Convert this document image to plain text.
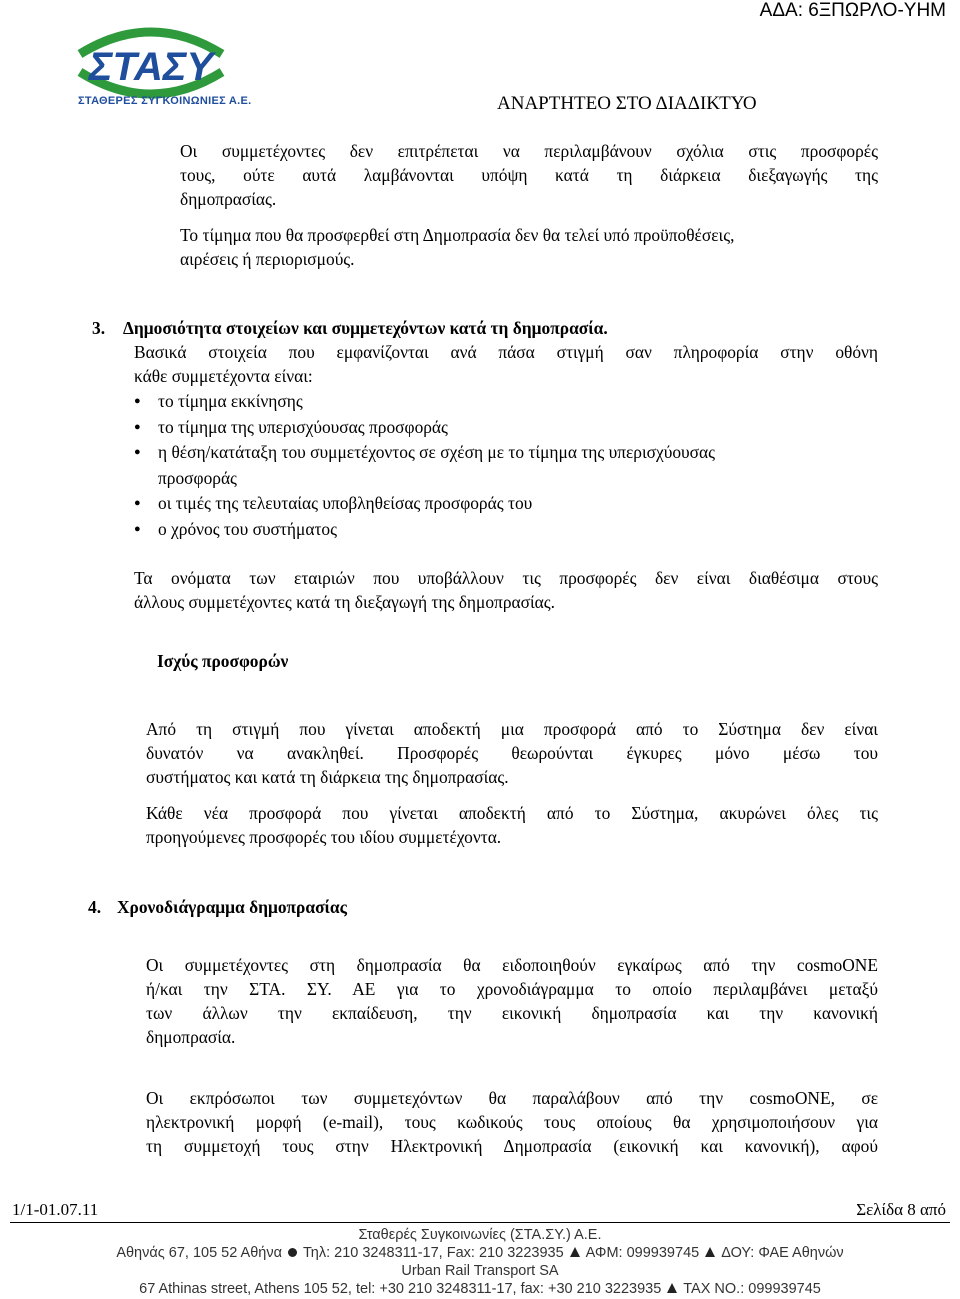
ΑΔΑ: 6ΞΠΩΡΛΟ-ΥΗΜ
ΣΤΑΣΥ
ΣΤΑΘΕΡΕΣ ΣΥΓΚΟΙΝΩΝΙΕΣ Α.Ε.	ΑΝΑΡΤΗΤΕΟ ΣΤΟ ΔΙΑΔΙΚΤΥΟ
Οι συμμετέχοντες δεν επιτρέπεται να περιλαμβάνουν σχόλια στις προσφορές
τους, ούτε αυτά λαμβάνονται υπόψη κατά τη διάρκεια διεξαγωγής της
δημοπρασίας.
Το τίμημα που θα προσφερθεί στη Δημοπρασία δεν θα τελεί υπό προϋποθέσεις,
αιρέσεις ή περιορισμούς.
3. Δημοσιότητα στοιχείων και συμμετεχόντων κατά τη δημοπρασία.
Βασικά στοιχεία που εμφανίζονται ανά πάσα στιγμή σαν πληροφορία στην οθόνη
κάθε συμμετέχοντα είναι:
● το τίμημα εκκίνησης
● το τίμημα της υπερισχύουσας προσφοράς
● η θέση/κατάταξη του συμμετέχοντος σε σχέση με το τίμημα της υπερισχύουσας
προσφοράς
● οι τιμές της τελευταίας υποβληθείσας προσφοράς του
● ο χρόνος του συστήματος
Τα ονόματα των εταιριών που υποβάλλουν τις προσφορές δεν είναι διαθέσιμα στους
άλλους συμμετέχοντες κατά τη διεξαγωγή της δημοπρασίας.
Ισχύς προσφορών
Από τη στιγμή που γίνεται αποδεκτή μια προσφορά από το Σύστημα δεν είναι
δυνατόν να ανακληθεί. Προσφορές θεωρούνται έγκυρες μόνο μέσω του
συστήματος και κατά τη διάρκεια της δημοπρασίας.
Κάθε νέα προσφορά που γίνεται αποδεκτή από το Σύστημα, ακυρώνει όλες τις
προηγούμενες προσφορές του ιδίου συμμετέχοντα.
4. Χρονοδιάγραμμα δημοπρασίας
Οι συμμετέχοντες στη δημοπρασία θα ειδοποιηθούν εγκαίρως από την cosmoONE
ή/και την ΣΤΑ. ΣΥ. ΑΕ για το χρονοδιάγραμμα το οποίο περιλαμβάνει μεταξύ
των άλλων την εκπαίδευση, την εικονική δημοπρασία και την κανονική
δημοπρασία.
Οι εκπρόσωποι των συμμετεχόντων θα παραλάβουν από την cosmoONE, σε
ηλεκτρονική μορφή (e-mail), τους κωδικούς τους οποίους θα χρησιμοποιήσουν για
τη συμμετοχή τους στην Ηλεκτρονική Δημοπρασία (εικονική και κανονική), αφού
1/1-01.07.11	Σελίδα 8 από
Σταθερές Συγκοινωνίες (ΣΤΑ.ΣΥ.) Α.Ε.
Αθηνάς 67, 105 52 Αθήνα Τηλ: 210 3248311-17, Fax: 210 3223935 ΑΦΜ: 099939745 ΔΟΥ: ΦΑΕ Αθηνών
Urban Rail Transport SA
67 Athinas street, Athens 105 52, tel: +30 210 3248311-17, fax: +30 210 3223935 TAX NO.: 099939745
